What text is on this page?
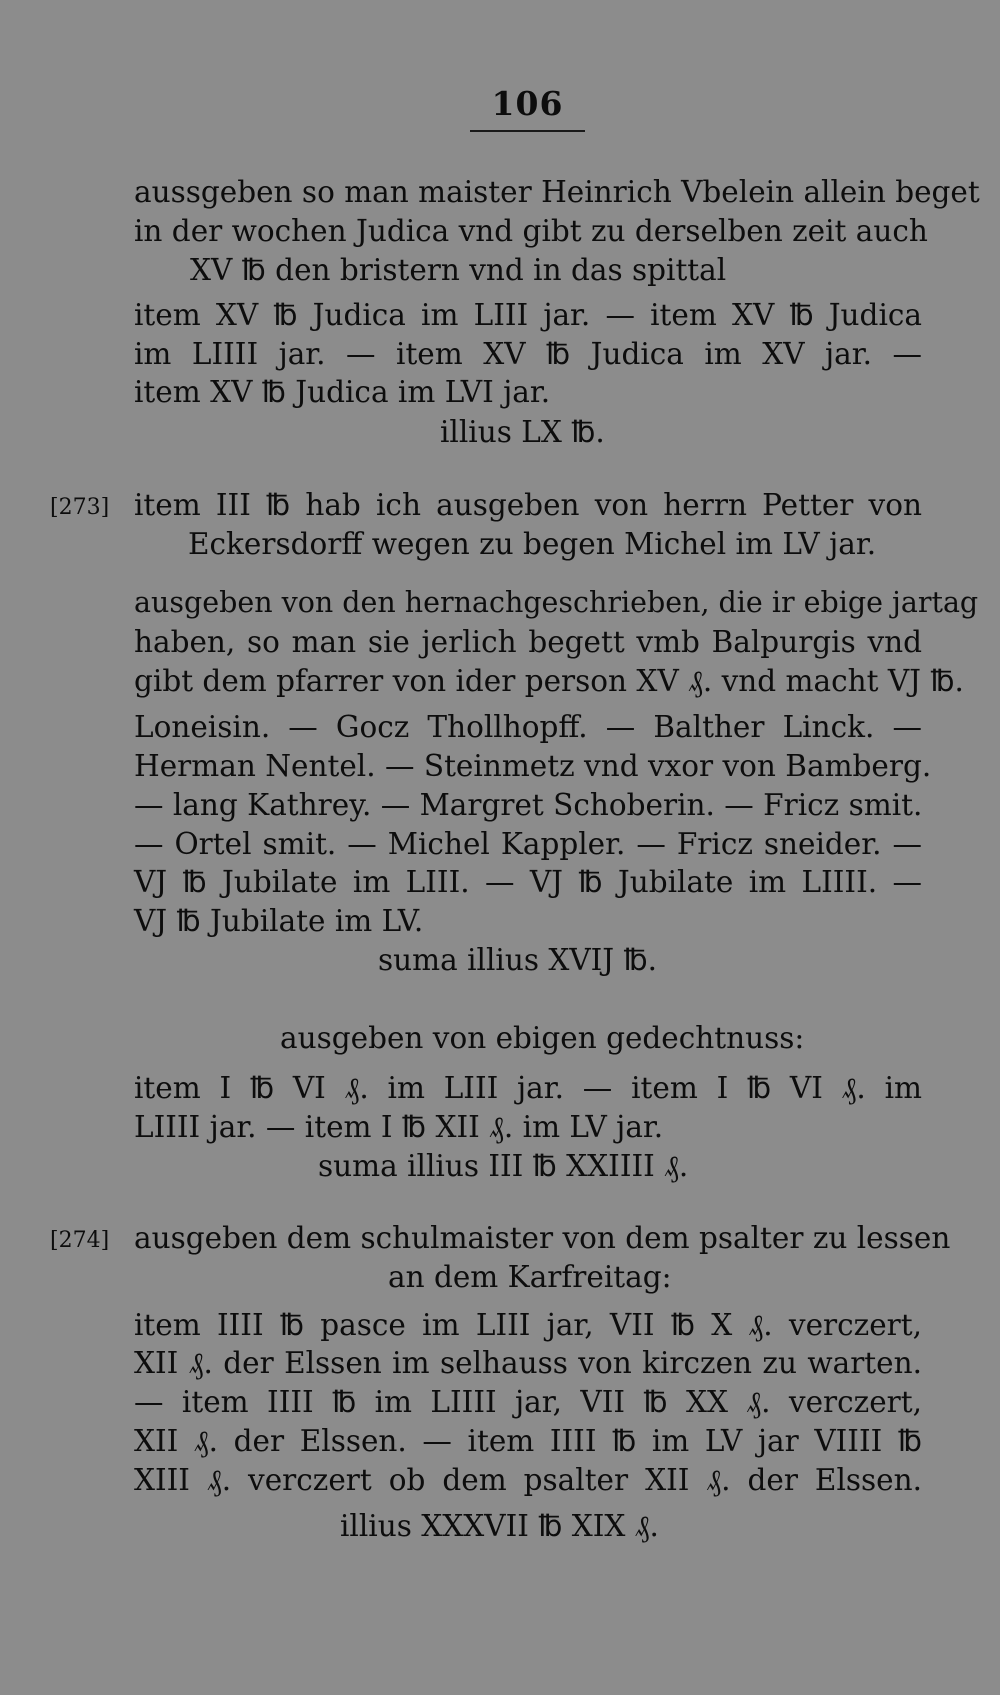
106
aussgeben so man maister Heinrich Vbelein allein beget
in der wochen Judica vnd gibt zu derselben zeit auch
XV ℔ den bristern vnd in das spittal
item XV ℔ Judica im LIII jar. — item XV ℔ Judica
im LIIII jar. — item XV ℔ Judica im XV jar. —
item XV ℔ Judica im LVI jar.
illius LX ℔.
[273] item III ℔ hab ich ausgeben von herrn Petter von
Eckersdorff wegen zu begen Michel im LV jar.
ausgeben von den hernachgeschrieben, die ir ebige jartag
haben, so man sie jerlich begett vmb Balpurgis vnd
gibt dem pfarrer von ider person XV ₰. vnd macht VJ ℔.
Loneisin. — Gocz Thollhopff. — Balther Linck. —
Herman Nentel. — Steinmetz vnd vxor von Bamberg.
— lang Kathrey. — Margret Schoberin. — Fricz smit.
— Ortel smit. — Michel Kappler. — Fricz sneider. —
VJ ℔ Jubilate im LIII. — VJ ℔ Jubilate im LIIII. —
VJ ℔ Jubilate im LV.
suma illius XVIJ ℔.
ausgeben von ebigen gedechtnuss:
item I ℔ VI ₰. im LIII jar. — item I ℔ VI ₰. im
LIIII jar. — item I ℔ XII ₰. im LV jar.
suma illius III ℔ XXIIII ₰.
[274] ausgeben dem schulmaister von dem psalter zu lessen
an dem Karfreitag:
item IIII ℔ pasce im LIII jar, VII ℔ X ₰. verczert,
XII ₰. der Elssen im selhauss von kirczen zu warten.
— item IIII ℔ im LIIII jar, VII ℔ XX ₰. verczert,
XII ₰. der Elssen. — item IIII ℔ im LV jar VIIII ℔
XIII ₰. verczert ob dem psalter XII ₰. der Elssen.
illius XXXVII ℔ XIX ₰.
